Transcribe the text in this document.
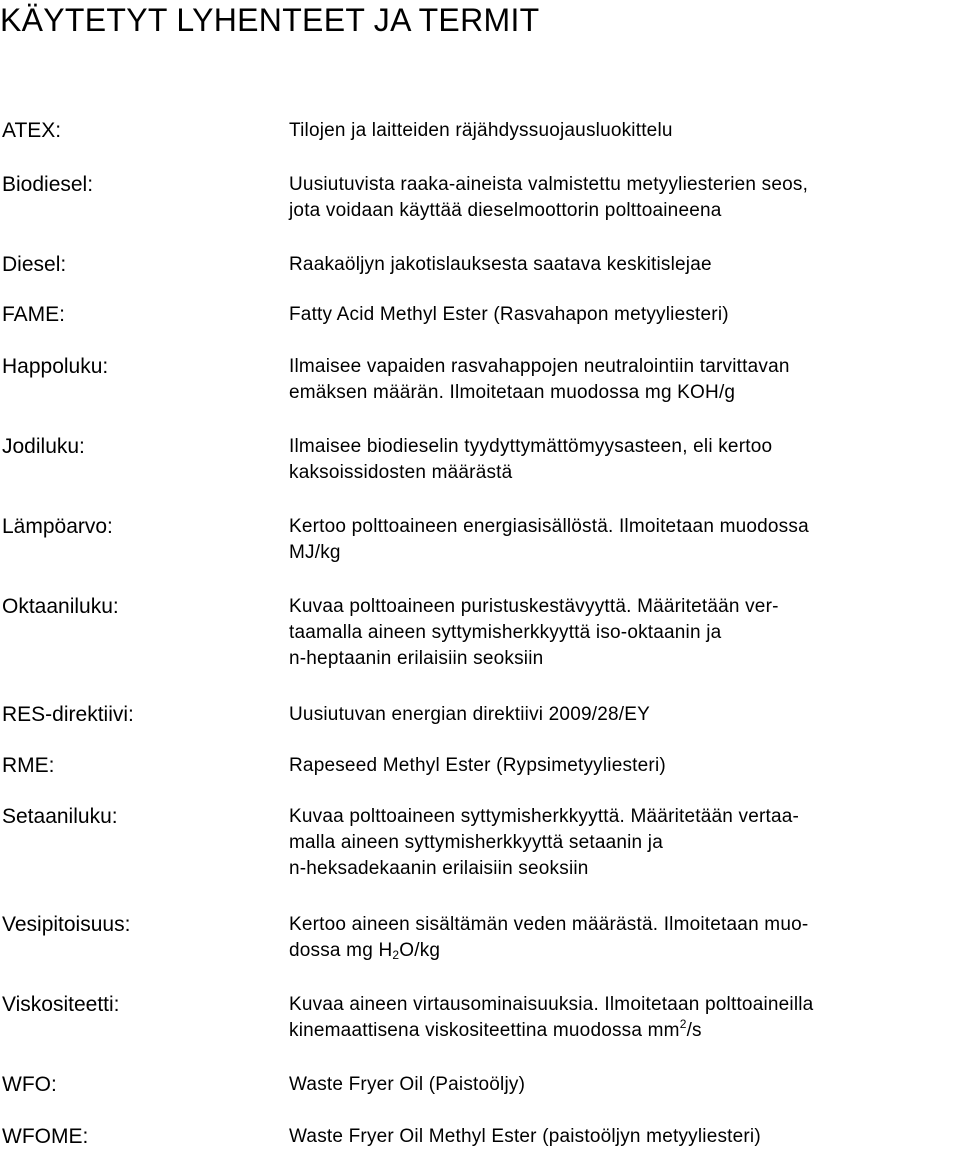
KÄYTETYT LYHENTEET JA TERMIT
ATEX:	Tilojen ja laitteiden räjähdyssuojausluokittelu
Biodiesel:	Uusiutuvista raaka-aineista valmistettu metyyliesterien seos,
jota voidaan käyttää dieselmoottorin polttoaineena
Diesel:	Raakaöljyn jakotislauksesta saatava keskitislejae
FAME:	Fatty Acid Methyl Ester (Rasvahapon metyyliesteri)
Happoluku:	Ilmaisee vapaiden rasvahappojen neutralointiin tarvittavan
emäksen määrän. Ilmoitetaan muodossa mg KOH/g
Jodiluku:	Ilmaisee biodieselin tyydyttymättömyysasteen, eli kertoo
kaksoissidosten määrästä
Lämpöarvo:	Kertoo polttoaineen energiasisällöstä. Ilmoitetaan muodossa
MJ/kg
Oktaaniluku:	Kuvaa polttoaineen puristuskestävyyttä. Määritetään ver-
taamalla aineen syttymisherkkyyttä iso-oktaanin ja
n-heptaanin erilaisiin seoksiin
RES-direktiivi:	Uusiutuvan energian direktiivi 2009/28/EY
RME:	Rapeseed Methyl Ester (Rypsimetyyliesteri)
Setaaniluku:	Kuvaa polttoaineen syttymisherkkyyttä. Määritetään vertaa-
malla aineen syttymisherkkyyttä setaanin ja
n-heksadekaanin erilaisiin seoksiin
Vesipitoisuus:	Kertoo aineen sisältämän veden määrästä. Ilmoitetaan muo-
dossa mg $H_2O/kg$
Viskositeetti:	Kuvaa aineen virtausominaisuuksia. Ilmoitetaan polttoaineilla
kinemaattisena viskositeettina muodossa $mm^2/s$
WFO:	Waste Fryer Oil (Paistoöljy)
WFOME:	Waste Fryer Oil Methyl Ester (paistoöljyn metyyliesteri)
